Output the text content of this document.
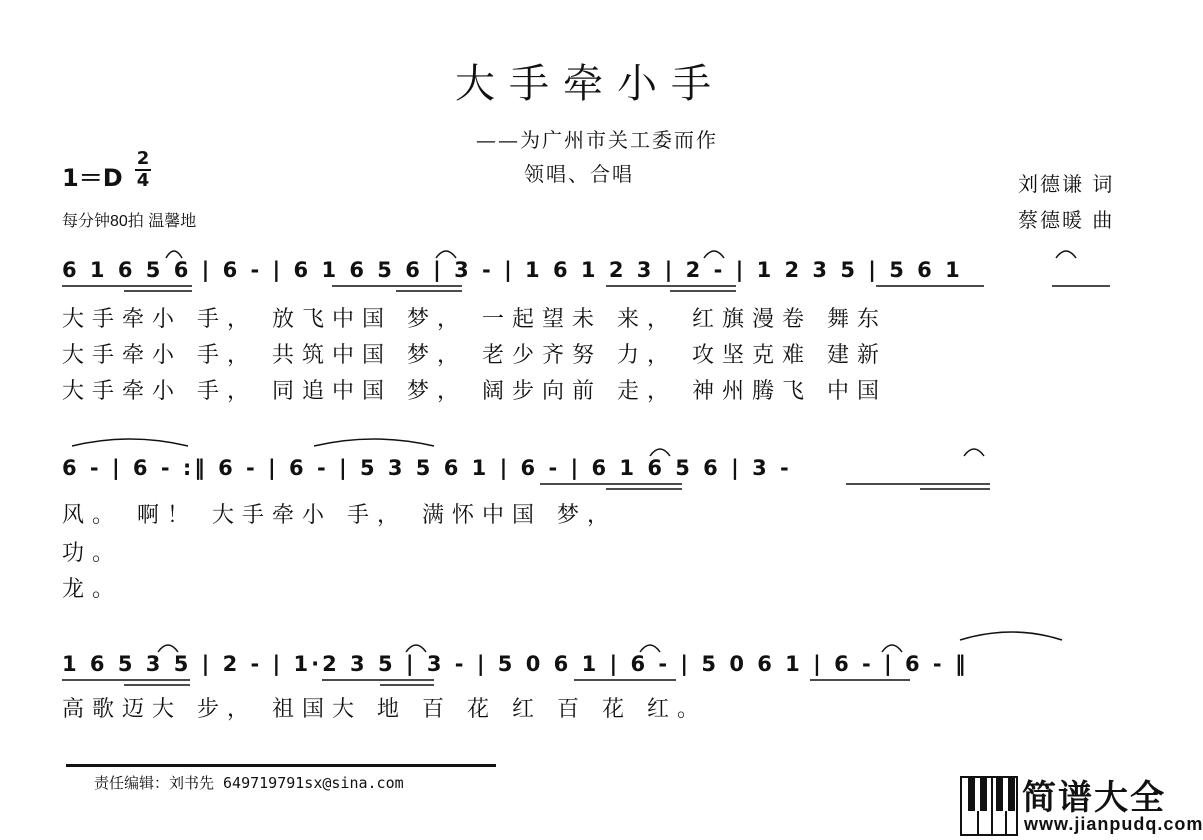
大手牵小手
——为广州市关工委而作
领唱、合唱
1＝D
2
4
每分钟80拍 温馨地
刘德谦 词
蔡德暖 曲
6 1 6 5 6 | 6 - | 6 1 6 5 6 | 3 - | 1 6 1 2 3 | 2 - | 1 2 3 5 | 5 6 1
大手牵小 手， 放飞中国 梦， 一起望未 来， 红旗漫卷 舞东
大手牵小 手， 共筑中国 梦， 老少齐努 力， 攻坚克难 建新
大手牵小 手， 同追中国 梦， 阔步向前 走， 神州腾飞 中国
6 - | 6 - :‖ 6 - | 6 - | 5 3 5 6 1 | 6 - | 6 1 6 5 6 | 3 -
风。 啊！ 大手牵小 手， 满怀中国 梦，
功。
龙。
1 6 5 3 5 | 2 - | 1·2 3 5 | 3 - | 5 0 6 1 | 6 - | 5 0 6 1 | 6 - | 6 - ‖
高歌迈大 步， 祖国大 地 百 花 红 百 花 红。
责任编辑：刘书先 649719791sx@sina.com	简谱大全
www.jianpudq.com
